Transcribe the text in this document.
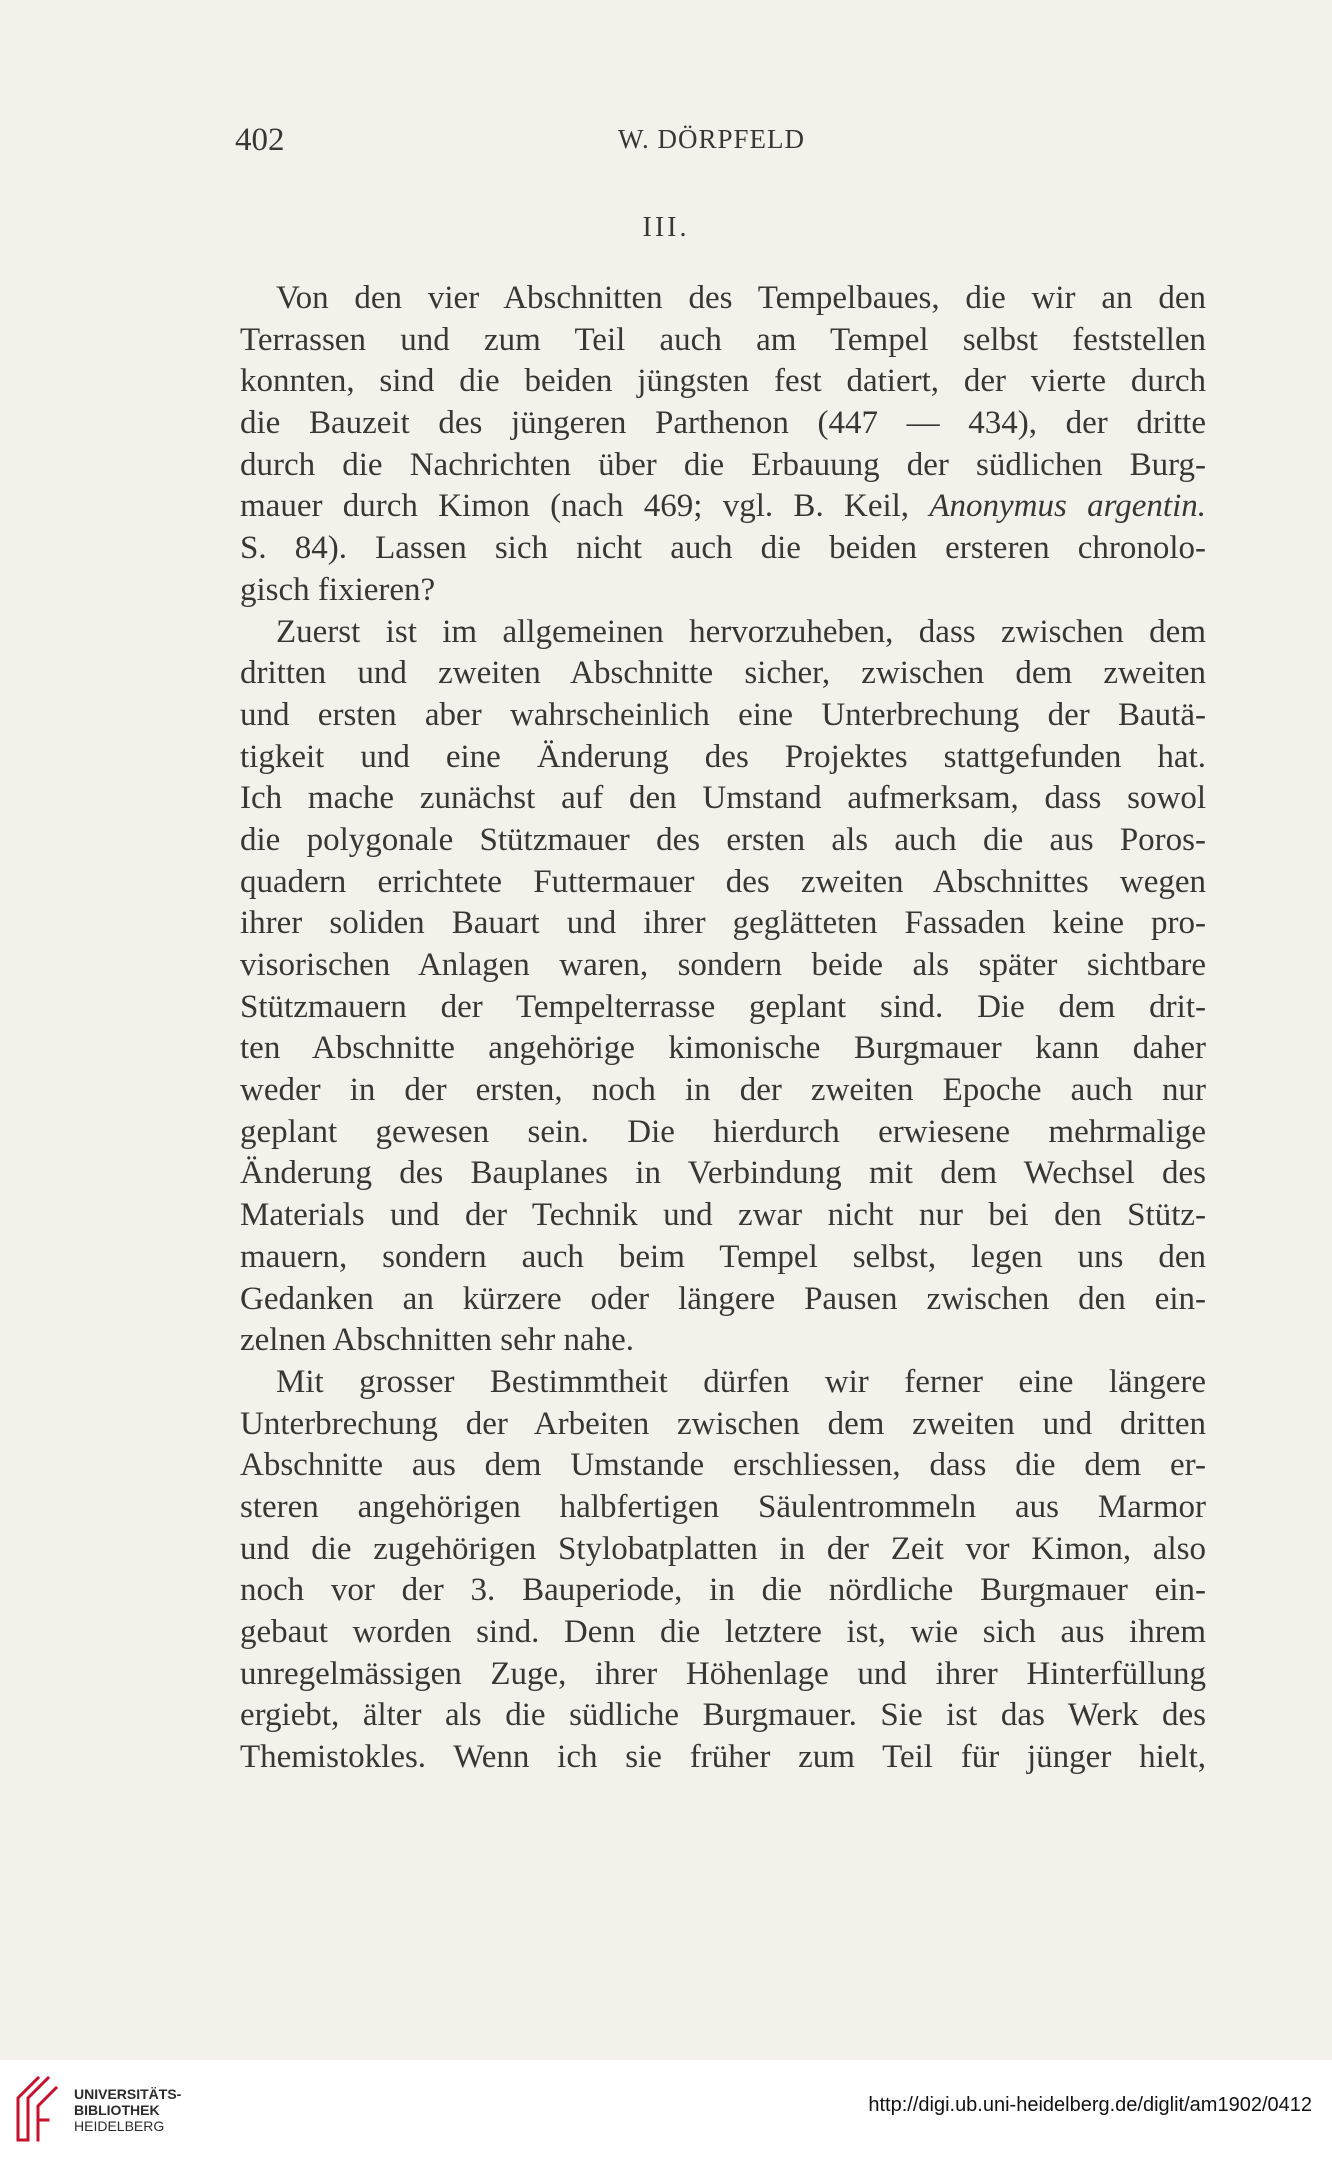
402	W. DÖRPFELD
III.
Von den vier Abschnitten des Tempelbaues, die wir an den
Terrassen und zum Teil auch am Tempel selbst feststellen
konnten, sind die beiden jüngsten fest datiert, der vierte durch
die Bauzeit des jüngeren Parthenon (447 — 434), der dritte
durch die Nachrichten über die Erbauung der südlichen Burg-
mauer durch Kimon (nach 469; vgl. B. Keil, Anonymus argentin.
S. 84). Lassen sich nicht auch die beiden ersteren chronolo-
gisch fixieren?
Zuerst ist im allgemeinen hervorzuheben, dass zwischen dem
dritten und zweiten Abschnitte sicher, zwischen dem zweiten
und ersten aber wahrscheinlich eine Unterbrechung der Bautä-
tigkeit und eine Änderung des Projektes stattgefunden hat.
Ich mache zunächst auf den Umstand aufmerksam, dass sowol
die polygonale Stützmauer des ersten als auch die aus Poros-
quadern errichtete Futtermauer des zweiten Abschnittes wegen
ihrer soliden Bauart und ihrer geglätteten Fassaden keine pro-
visorischen Anlagen waren, sondern beide als später sichtbare
Stützmauern der Tempelterrasse geplant sind. Die dem drit-
ten Abschnitte angehörige kimonische Burgmauer kann daher
weder in der ersten, noch in der zweiten Epoche auch nur
geplant gewesen sein. Die hierdurch erwiesene mehrmalige
Änderung des Bauplanes in Verbindung mit dem Wechsel des
Materials und der Technik und zwar nicht nur bei den Stütz-
mauern, sondern auch beim Tempel selbst, legen uns den
Gedanken an kürzere oder längere Pausen zwischen den ein-
zelnen Abschnitten sehr nahe.
Mit grosser Bestimmtheit dürfen wir ferner eine längere
Unterbrechung der Arbeiten zwischen dem zweiten und dritten
Abschnitte aus dem Umstande erschliessen, dass die dem er-
steren angehörigen halbfertigen Säulentrommeln aus Marmor
und die zugehörigen Stylobatplatten in der Zeit vor Kimon, also
noch vor der 3. Bauperiode, in die nördliche Burgmauer ein-
gebaut worden sind. Denn die letztere ist, wie sich aus ihrem
unregelmässigen Zuge, ihrer Höhenlage und ihrer Hinterfüllung
ergiebt, älter als die südliche Burgmauer. Sie ist das Werk des
Themistokles. Wenn ich sie früher zum Teil für jünger hielt,
UNIVERSITÄTS-
BIBLIOTHEK
HEIDELBERG
http://digi.ub.uni-heidelberg.de/diglit/am1902/0412
